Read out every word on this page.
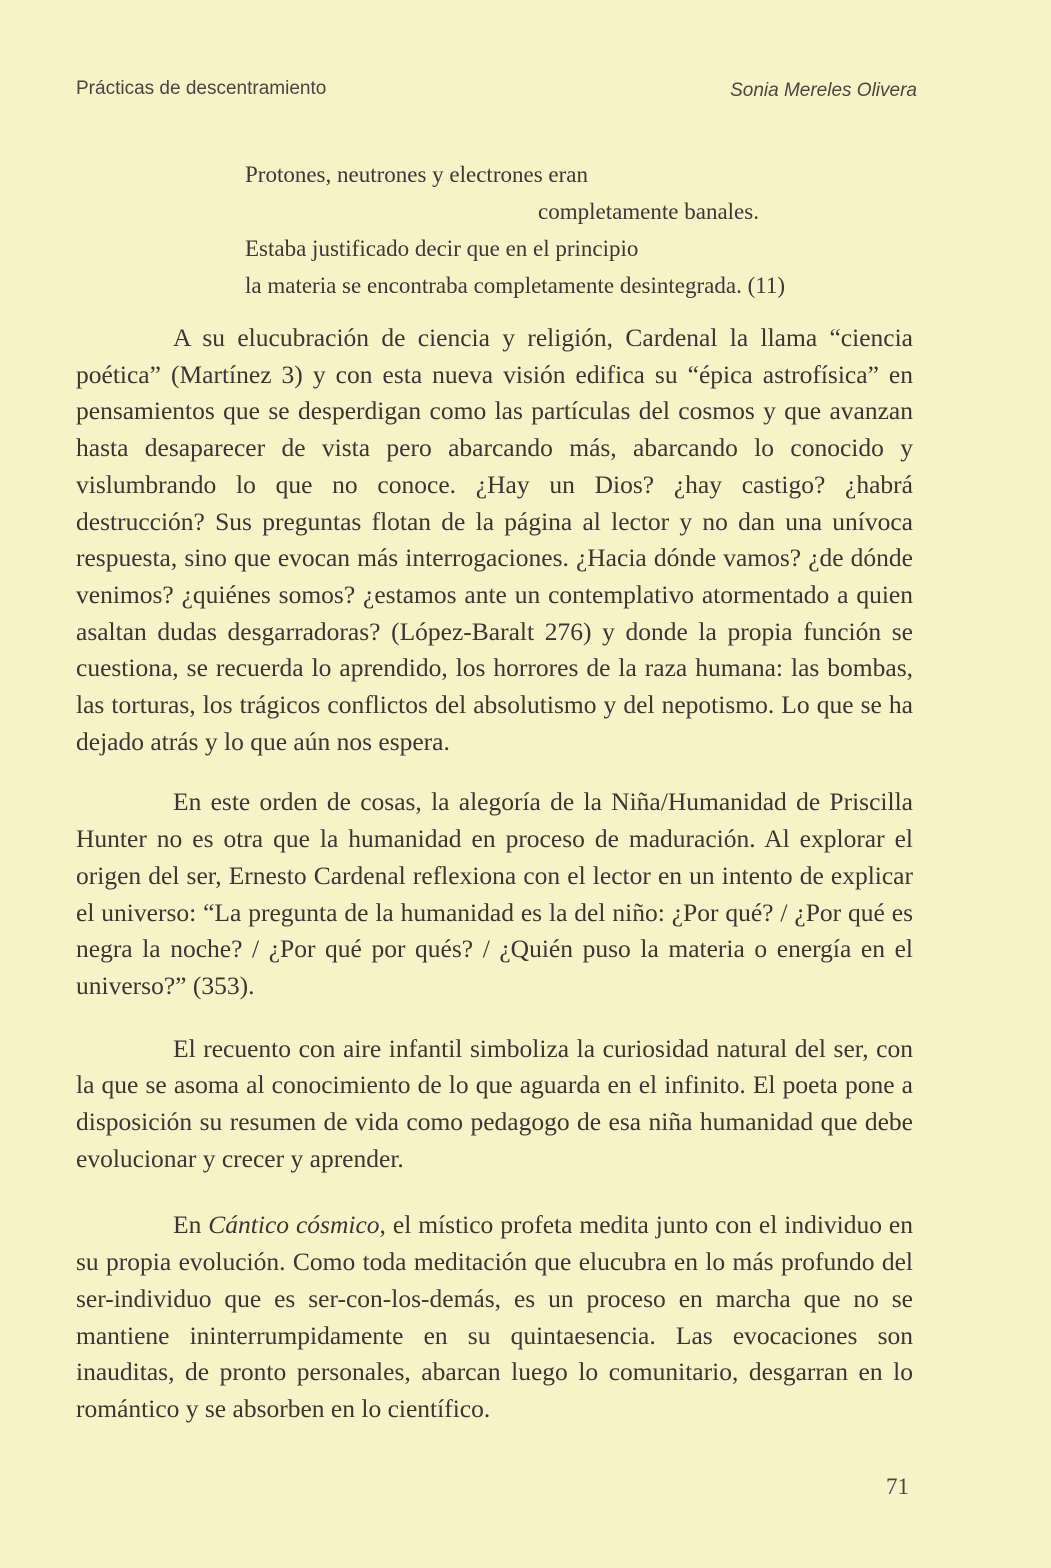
Prácticas de descentramiento	Sonia Mereles Olivera
Protones, neutrones y electrones eran
completamente banales.
Estaba justificado decir que en el principio
la materia se encontraba completamente desintegrada. (11)

A su elucubración de ciencia y religión, Cardenal la llama “ciencia poética” (Martínez 3) y con esta nueva visión edifica su “épica astrofísica” en pensamientos que se desperdigan como las partículas del cosmos y que avanzan hasta desaparecer de vista pero abarcando más, abarcando lo conocido y vislumbrando lo que no conoce. ¿Hay un Dios? ¿hay castigo? ¿habrá destrucción? Sus preguntas flotan de la página al lector y no dan una unívoca respuesta, sino que evocan más interrogaciones. ¿Hacia dónde vamos? ¿de dónde venimos? ¿quiénes somos? ¿estamos ante un contemplativo atormentado a quien asaltan dudas desgarradoras? (López-Baralt 276) y donde la propia función se cuestiona, se recuerda lo aprendido, los horrores de la raza humana: las bombas, las torturas, los trágicos conflictos del absolutismo y del nepotismo. Lo que se ha dejado atrás y lo que aún nos espera.

En este orden de cosas, la alegoría de la Niña/Humanidad de Priscilla Hunter no es otra que la humanidad en proceso de maduración. Al explorar el origen del ser, Ernesto Cardenal reflexiona con el lector en un intento de explicar el universo: “La pregunta de la humanidad es la del niño: ¿Por qué? / ¿Por qué es negra la noche? / ¿Por qué por qués? / ¿Quién puso la materia o energía en el universo?” (353).

El recuento con aire infantil simboliza la curiosidad natural del ser, con la que se asoma al conocimiento de lo que aguarda en el infinito. El poeta pone a disposición su resumen de vida como pedagogo de esa niña humanidad que debe evolucionar y crecer y aprender.

En Cántico cósmico, el místico profeta medita junto con el individuo en su propia evolución. Como toda meditación que elucubra en lo más profundo del ser-individuo que es ser-con-los-demás, es un proceso en marcha que no se mantiene ininterrumpidamente en su quintaesencia. Las evocaciones son inauditas, de pronto personales, abarcan luego lo comunitario, desgarran en lo romántico y se absorben en lo científico.

71
